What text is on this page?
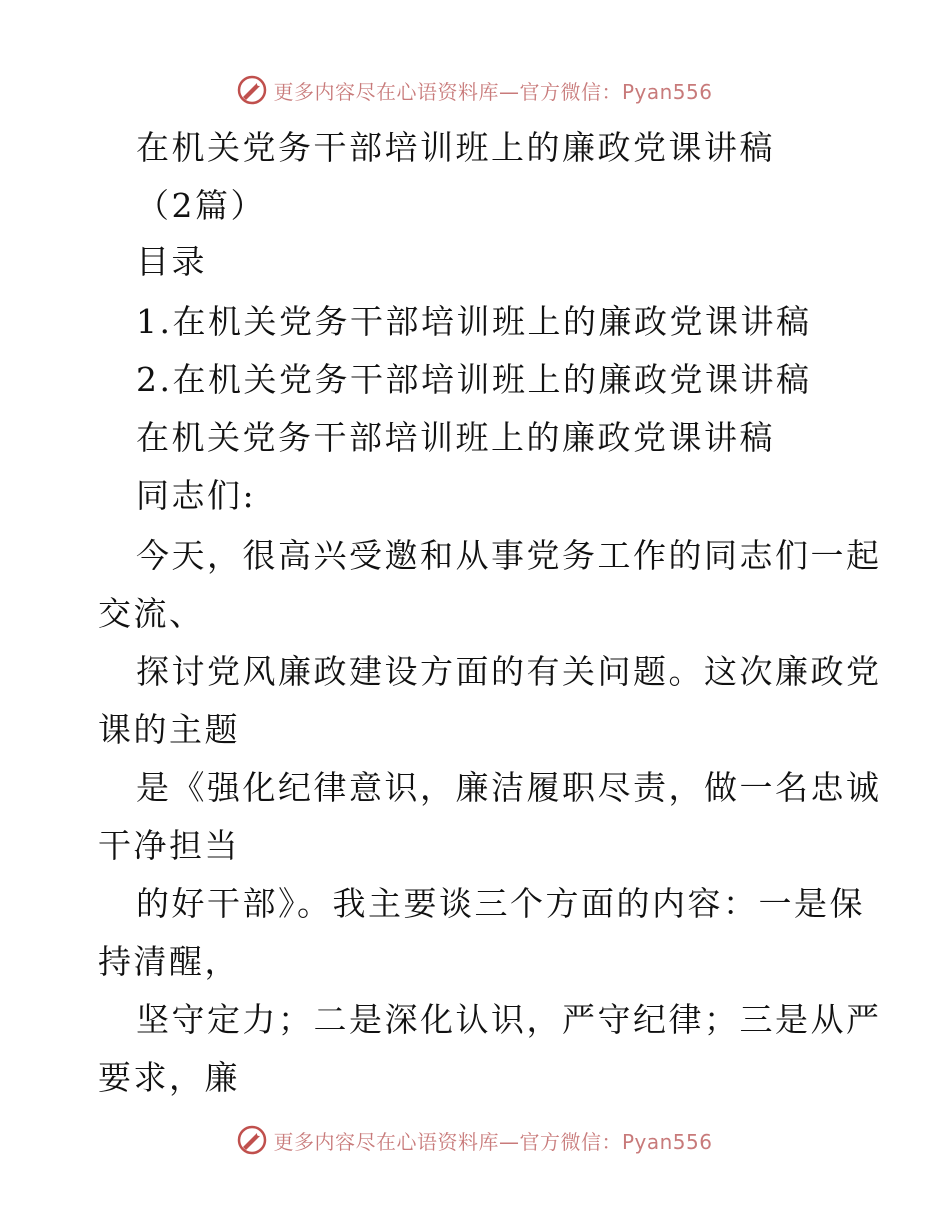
更多内容尽在心语资料库—官方微信：Pyan556
在机关党务干部培训班上的廉政党课讲稿
（2篇）
目录
1.在机关党务干部培训班上的廉政党课讲稿
2.在机关党务干部培训班上的廉政党课讲稿
在机关党务干部培训班上的廉政党课讲稿
同志们:
今天，很高兴受邀和从事党务工作的同志们一起
交流、
探讨党风廉政建设方面的有关问题。这次廉政党
课的主题
是《强化纪律意识，廉洁履职尽责，做一名忠诚
干净担当
的好干部》。我主要谈三个方面的内容：一是保
持清醒，
坚守定力；二是深化认识，严守纪律；三是从严
要求，廉
更多内容尽在心语资料库—官方微信：Pyan556
